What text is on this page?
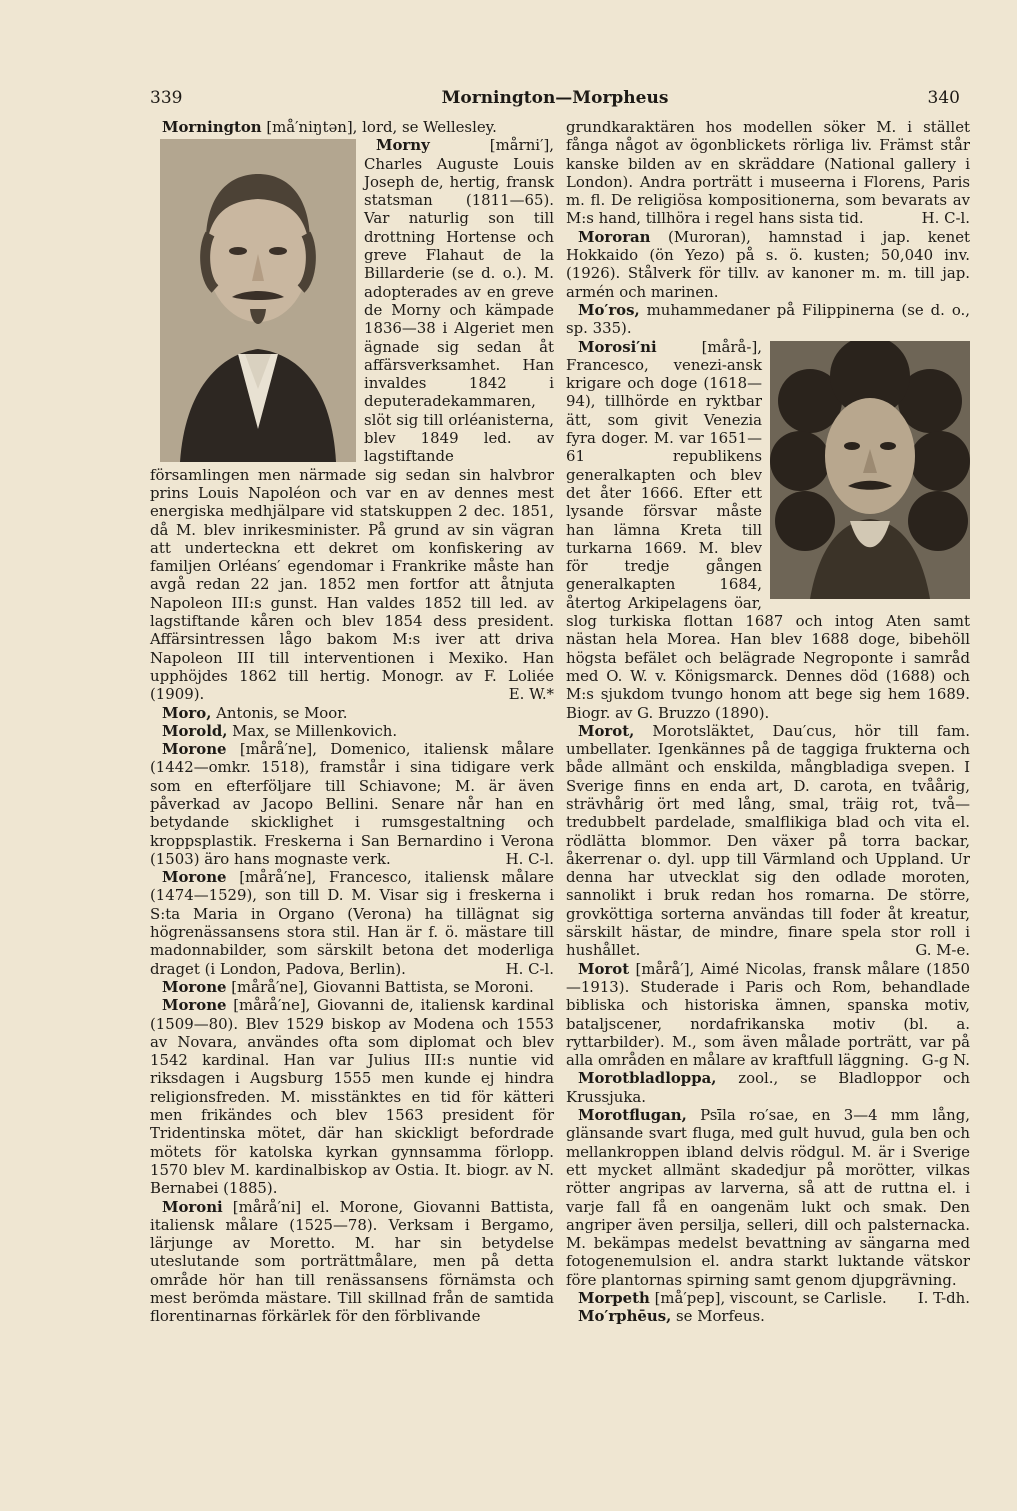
339	Mornington—Morpheus	340

Mornington [må′niŋtən], lord, se Wellesley.

Morny [mårni′], Charles Auguste Louis Joseph de, hertig, fransk statsman (1811—65). Var naturlig son till drottning Hortense och greve Flahaut de la Billarderie (se d. o.). M. adopterades av en greve de Morny och kämpade 1836—38 i Algeriet men ägnade sig sedan åt affärsverksamhet. Han invaldes 1842 i deputeradekammaren, slöt sig till orléanisterna, blev 1849 led. av lagstiftande församlingen men närmade sig sedan sin halvbror prins Louis Napoléon och var en av dennes mest energiska medhjälpare vid statskuppen 2 dec. 1851, då M. blev inrikesminister. På grund av sin vägran att underteckna ett dekret om konfiskering av familjen Orléans′ egendomar i Frankrike måste han avgå redan 22 jan. 1852 men fortfor att åtnjuta Napoleon III:s gunst. Han valdes 1852 till led. av lagstiftande kåren och blev 1854 dess president. Affärsintressen lågo bakom M:s iver att driva Napoleon III till interventionen i Mexiko. Han upphöjdes 1862 till hertig. Monogr. av F. Loliée (1909).	E. W.*

Moro, Antonis, se Moor.

Morold, Max, se Millenkovich.

Morone [mårå′ne], Domenico, italiensk målare (1442—omkr. 1518), framstår i sina tidigare verk som en efterföljare till Schiavone; M. är även påverkad av Jacopo Bellini. Senare når han en betydande skicklighet i rumsgestaltning och kroppsplastik. Freskerna i San Bernardino i Verona (1503) äro hans mognaste verk.	H. C-l.

Morone [mårå′ne], Francesco, italiensk målare (1474—1529), son till D. M. Visar sig i freskerna i S:ta Maria in Organo (Verona) ha tillägnat sig högrenässansens stora stil. Han är f. ö. mästare till madonnabilder, som särskilt betona det moderliga draget (i London, Padova, Berlin).	H. C-l.

Morone [mårå′ne], Giovanni Battista, se Moroni.

Morone [mårå′ne], Giovanni de, italiensk kardinal (1509—80). Blev 1529 biskop av Modena och 1553 av Novara, användes ofta som diplomat och blev 1542 kardinal. Han var Julius III:s nuntie vid riksdagen i Augsburg 1555 men kunde ej hindra religionsfreden. M. misstänktes en tid för kätteri men frikändes och blev 1563 president för Tridentinska mötet, där han skickligt befordrade mötets för katolska kyrkan gynnsamma förlopp. 1570 blev M. kardinalbiskop av Ostia. It. biogr. av N. Bernabei (1885).

Moroni [mårå′ni] el. Morone, Giovanni Battista, italiensk målare (1525—78). Verksam i Bergamo, lärjunge av Moretto. M. har sin betydelse uteslutande som porträttmålare, men på detta område hör han till renässansens förnämsta och mest berömda mästare. Till skillnad från de samtida florentinarnas förkärlek för den förblivande

grundkaraktären hos modellen söker M. i stället fånga något av ögonblickets rörliga liv. Främst står kanske bilden av en skräddare (National gallery i London). Andra porträtt i museerna i Florens, Paris m. fl. De religiösa kompositionerna, som bevarats av M:s hand, tillhöra i regel hans sista tid.	H. C-l.

Mororan (Muroran), hamnstad i jap. kenet Hokkaido (ön Yezo) på s. ö. kusten; 50,040 inv. (1926). Stålverk för tillv. av kanoner m. m. till jap. armén och marinen.

Mo′ros, muhammedaner på Filippinerna (se d. o., sp. 335).

Morosi′ni [mårå-], Francesco, venezi-ansk krigare och doge (1618—94), tillhörde en ryktbar ätt, som givit Venezia fyra doger. M. var 1651—61 republikens generalkapten och blev det åter 1666. Efter ett lysande försvar måste han lämna Kreta till turkarna 1669. M. blev för tredje gången generalkapten 1684, återtog Arkipelagens öar, slog turkiska flottan 1687 och intog Aten samt nästan hela Morea. Han blev 1688 doge, bibehöll högsta befälet och belägrade Negroponte i samråd med O. W. v. Königsmarck. Dennes död (1688) och M:s sjukdom tvungo honom att bege sig hem 1689. Biogr. av G. Bruzzo (1890).

Morot, Morotsläktet, Dau′cus, hör till fam. umbellater. Igenkännes på de taggiga frukterna och både allmänt och enskilda, mångbladiga svepen. I Sverige finns en enda art, D. carota, en tvåårig, strävhårig ört med lång, smal, träig rot, två—tredubbelt pardelade, smalflikiga blad och vita el. rödlätta blommor. Den växer på torra backar, åkerrenar o. dyl. upp till Värmland och Uppland. Ur denna har utvecklat sig den odlade moroten, sannolikt i bruk redan hos romarna. De större, grovköttiga sorterna användas till foder åt kreatur, särskilt hästar, de mindre, finare spela stor roll i hushållet.	G. M-e.

Morot [mårå′], Aimé Nicolas, fransk målare (1850—1913). Studerade i Paris och Rom, behandlade bibliska och historiska ämnen, spanska motiv, bataljscener, nordafrikanska motiv (bl. a. ryttarbilder). M., som även målade porträtt, var på alla områden en målare av kraftfull läggning. G-g N.

Morotbladloppa, zool., se Bladloppor och Krussjuka.

Morotflugan, Psīla ro′sae, en 3—4 mm lång, glänsande svart fluga, med gult huvud, gula ben och mellankroppen ibland delvis rödgul. M. är i Sverige ett mycket allmänt skadedjur på morötter, vilkas rötter angripas av larverna, så att de ruttna el. i varje fall få en oangenäm lukt och smak. Den angriper även persilja, selleri, dill och palsternacka. M. bekämpas medelst bevattning av sängarna med fotogenemulsion el. andra starkt luktande vätskor före plantornas spirning samt genom djupgrävning.
I. T-dh.

Morpeth [må′pep], viscount, se Carlisle.

Mo′rphēus, se Morfeus.
